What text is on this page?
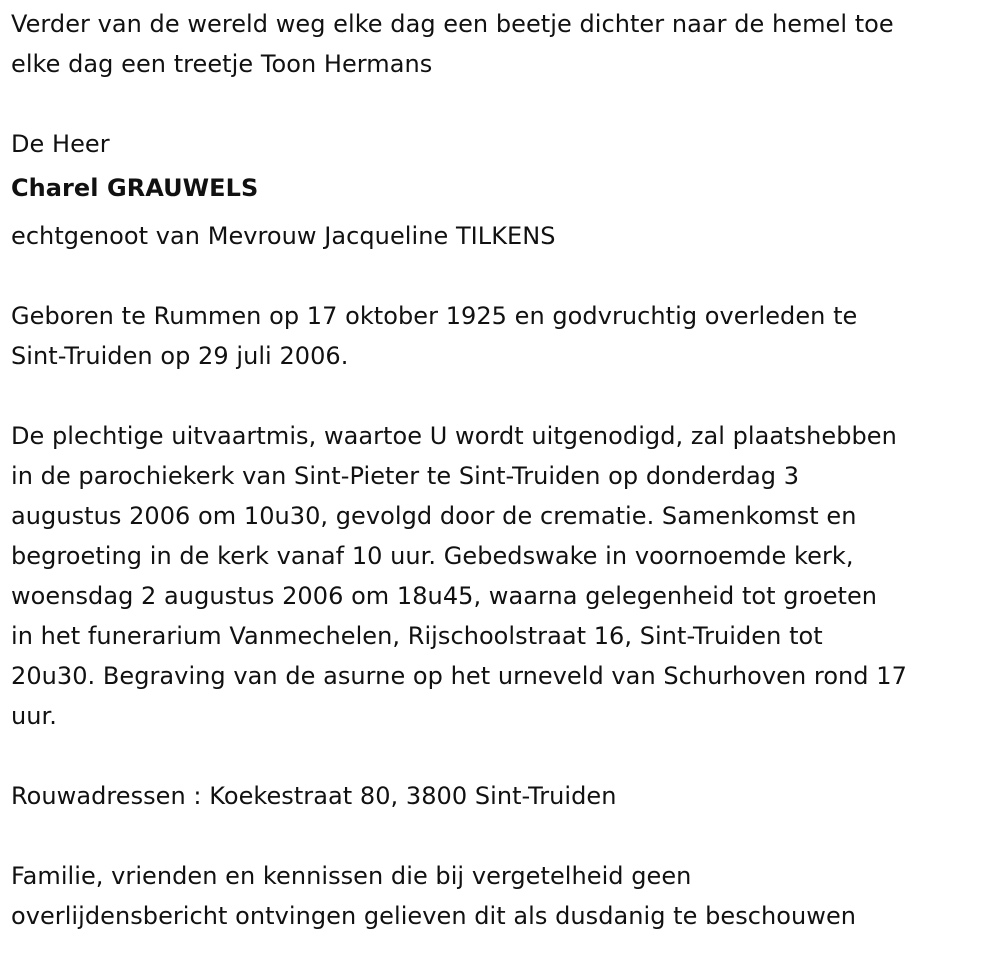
Verder van de wereld weg elke dag een beetje dichter naar de hemel toe

elke dag een treetje Toon Hermans

De Heer

Charel GRAUWELS

echtgenoot van Mevrouw Jacqueline TILKENS

Geboren te Rummen op 17 oktober 1925 en godvruchtig overleden te

Sint-Truiden op 29 juli 2006.

De plechtige uitvaartmis, waartoe U wordt uitgenodigd, zal plaatshebben

in de parochiekerk van Sint-Pieter te Sint-Truiden op donderdag 3

augustus 2006 om 10u30, gevolgd door de crematie. Samenkomst en

begroeting in de kerk vanaf 10 uur. Gebedswake in voornoemde kerk,

woensdag 2 augustus 2006 om 18u45, waarna gelegenheid tot groeten

in het funerarium Vanmechelen, Rijschoolstraat 16, Sint-Truiden tot

20u30. Begraving van de asurne op het urneveld van Schurhoven rond 17

uur.

Rouwadressen : Koekestraat 80, 3800 Sint-Truiden

Familie, vrienden en kennissen die bij vergetelheid geen

overlijdensbericht ontvingen gelieven dit als dusdanig te beschouwen
